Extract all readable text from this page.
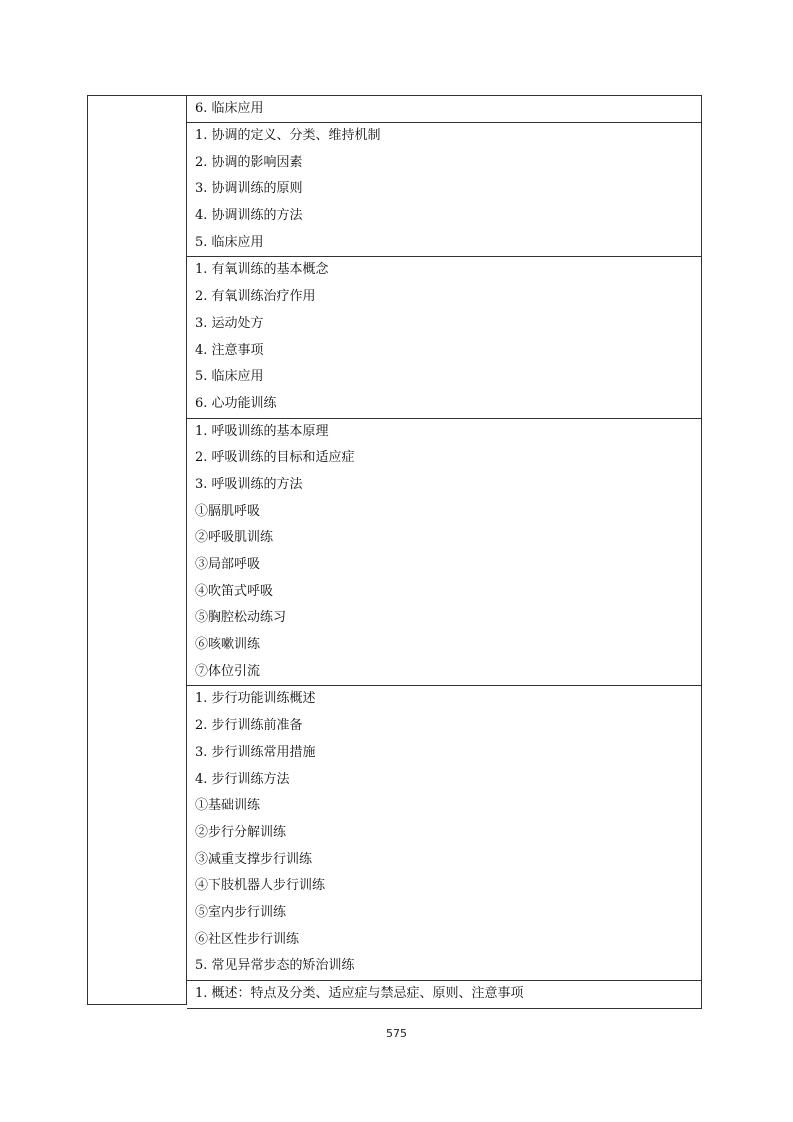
6. 临床应用
1. 协调的定义、分类、维持机制
2. 协调的影响因素
3. 协调训练的原则
4. 协调训练的方法
5. 临床应用
1. 有氧训练的基本概念
2. 有氧训练治疗作用
3. 运动处方
4. 注意事项
5. 临床应用
6. 心功能训练
1. 呼吸训练的基本原理
2. 呼吸训练的目标和适应症
3. 呼吸训练的方法
①膈肌呼吸
②呼吸肌训练
③局部呼吸
④吹笛式呼吸
⑤胸腔松动练习
⑥咳嗽训练
⑦体位引流
1. 步行功能训练概述
2. 步行训练前准备
3. 步行训练常用措施
4. 步行训练方法
①基础训练
②步行分解训练
③减重支撑步行训练
④下肢机器人步行训练
⑤室内步行训练
⑥社区性步行训练
5. 常见异常步态的矫治训练
1. 概述：特点及分类、适应症与禁忌症、原则、注意事项
575
